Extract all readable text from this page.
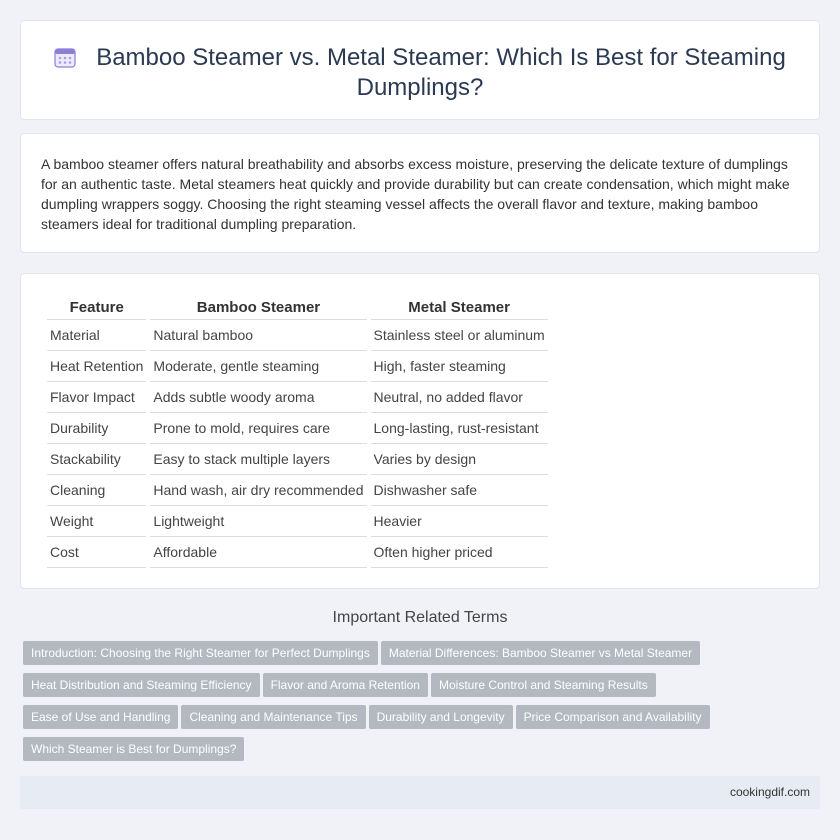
Bamboo Steamer vs. Metal Steamer: Which Is Best for Steaming Dumplings?

A bamboo steamer offers natural breathability and absorbs excess moisture, preserving the delicate texture of dumplings for an authentic taste. Metal steamers heat quickly and provide durability but can create condensation, which might make dumpling wrappers soggy. Choosing the right steaming vessel affects the overall flavor and texture, making bamboo steamers ideal for traditional dumpling preparation.

Feature	Bamboo Steamer	Metal Steamer
Material	Natural bamboo	Stainless steel or aluminum
Heat Retention	Moderate, gentle steaming	High, faster steaming
Flavor Impact	Adds subtle woody aroma	Neutral, no added flavor
Durability	Prone to mold, requires care	Long-lasting, rust-resistant
Stackability	Easy to stack multiple layers	Varies by design
Cleaning	Hand wash, air dry recommended	Dishwasher safe
Weight	Lightweight	Heavier
Cost	Affordable	Often higher priced
Important Related Terms
Introduction: Choosing the Right Steamer for Perfect Dumplings Material Differences: Bamboo Steamer vs Metal Steamer
Heat Distribution and Steaming Efficiency Flavor and Aroma Retention Moisture Control and Steaming Results
Ease of Use and Handling Cleaning and Maintenance Tips Durability and Longevity Price Comparison and Availability
Which Steamer is Best for Dumplings?
cookingdif.com
